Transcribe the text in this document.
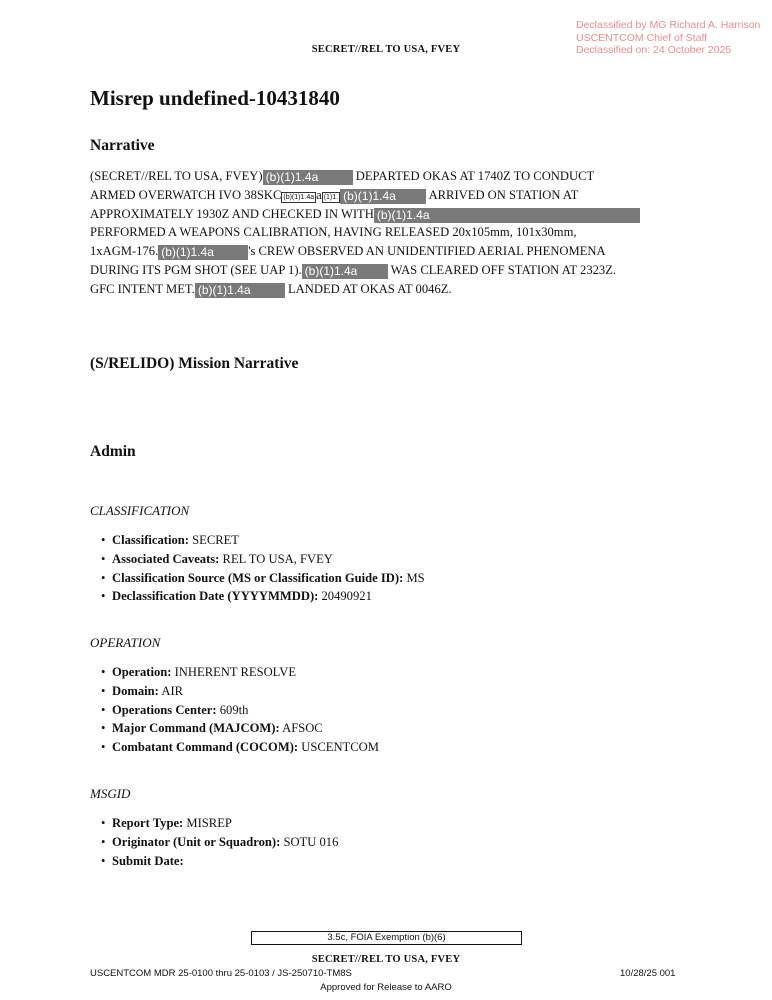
Declassified by MG Richard A. Harrison
USCENTCOM Chief of Staff
Declassified on: 24 October 2025
SECRET//REL TO USA, FVEY
Misrep undefined-10431840
Narrative
(SECRET//REL TO USA, FVEY) (b)(1)1.4a	DEPARTED OKAS AT 1740Z TO CONDUCT
ARMED OVERWATCH IVO 38SKC (b)(1)1.4a a (1)1. (b)(1)1.4a ARRIVED ON STATION AT
APPROXIMATELY 1930Z AND CHECKED IN WITH (b)(1)1.4a
PERFORMED A WEAPONS CALIBRATION, HAVING RELEASED 20x105mm, 101x30mm,
1xAGM-176. (b)(1)1.4a	's CREW OBSERVED AN UNIDENTIFIED AERIAL PHENOMENA
DURING ITS PGM SHOT (SEE UAP 1). (b)(1)1.4a WAS CLEARED OFF STATION AT 2323Z.
GFC INTENT MET. (b)(1)1.4a	LANDED AT OKAS AT 0046Z.
(S/RELIDO) Mission Narrative
Admin
CLASSIFICATION
• Classification: SECRET
• Associated Caveats: REL TO USA, FVEY
• Classification Source (MS or Classification Guide ID): MS
• Declassification Date (YYYYMMDD): 20490921
OPERATION
• Operation: INHERENT RESOLVE
• Domain: AIR
• Operations Center: 609th
• Major Command (MAJCOM): AFSOC
• Combatant Command (COCOM): USCENTCOM
MSGID
• Report Type: MISREP
• Originator (Unit or Squadron): SOTU 016
• Submit Date:
3.5c, FOIA Exemption (b)(6)
SECRET//REL TO USA, FVEY
USCENTCOM MDR 25-0100 thru 25-0103 / JS-250710-TM8S	10/28/25 001
Approved for Release to AARO
